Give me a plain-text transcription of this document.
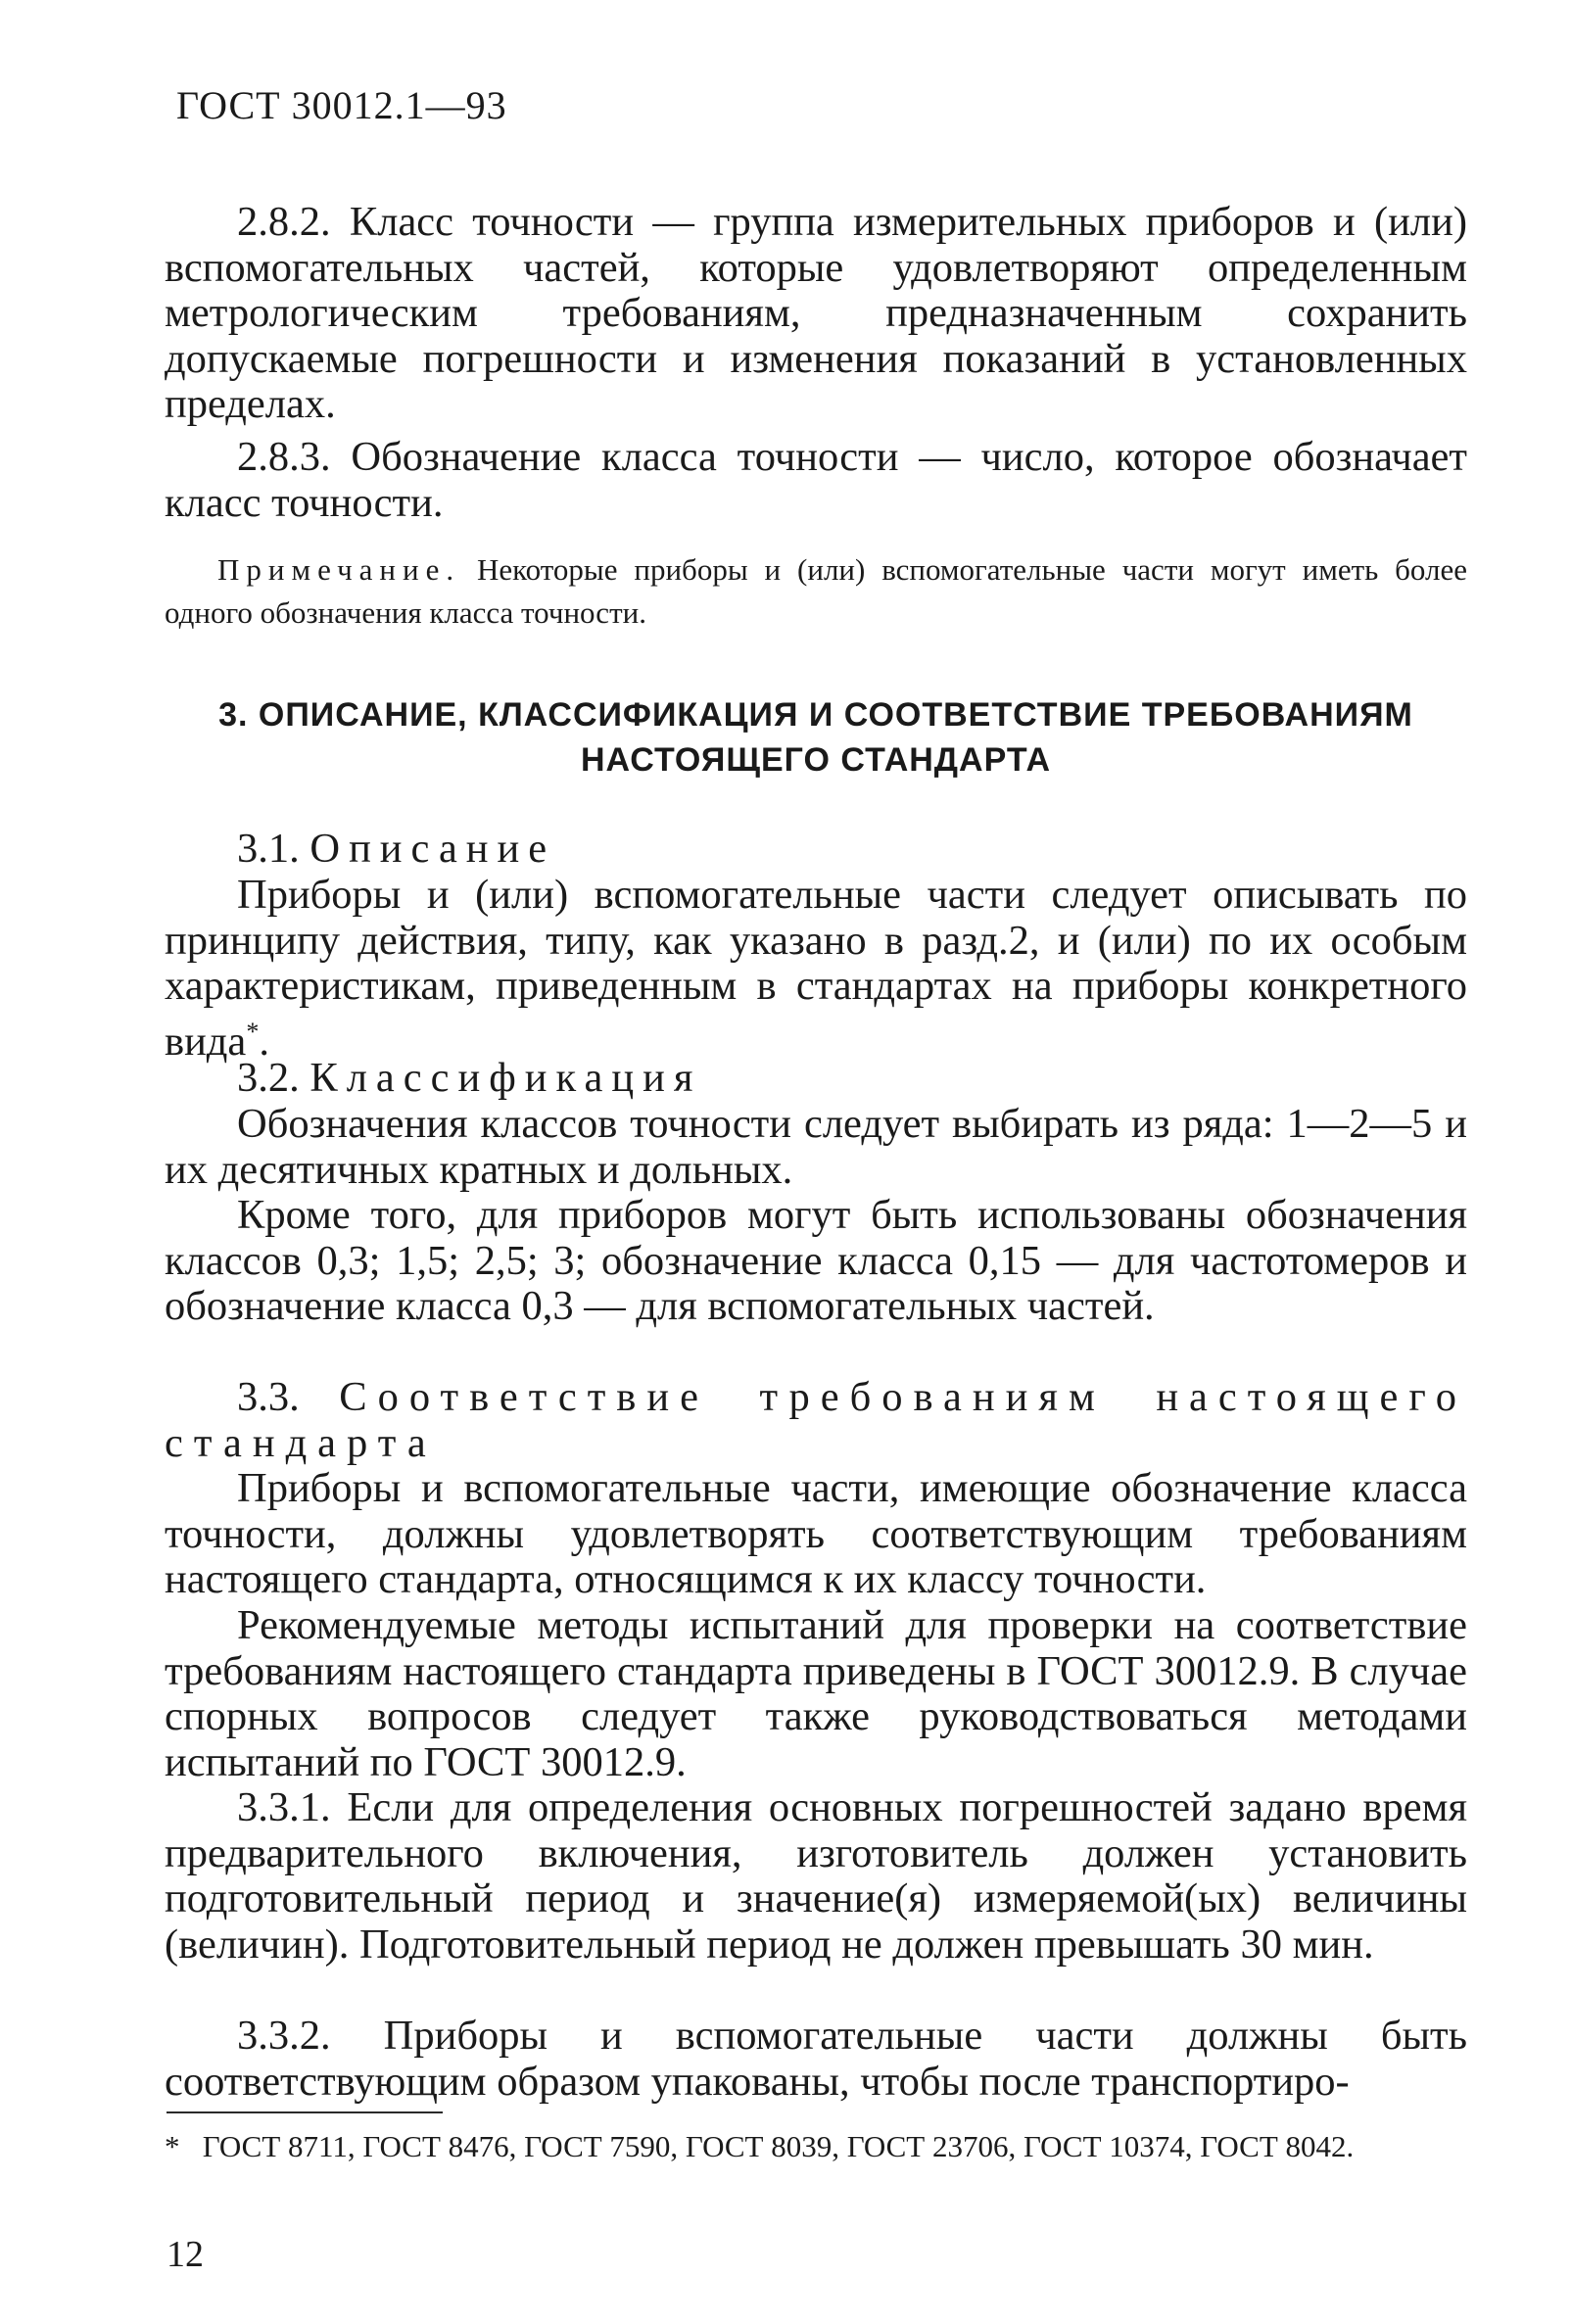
ГОСТ 30012.1—93
2.8.2. Класс точности — группа измерительных приборов и (или) вспомогательных частей, которые удовлетворяют определенным метрологическим требованиям, предназначенным сохранить допускаемые погрешности и изменения показаний в установленных пределах.
2.8.3. Обозначение класса точности — число, которое обозначает класс точности.
Примечание. Некоторые приборы и (или) вспомогательные части могут иметь более одного обозначения класса точности.
3. ОПИСАНИЕ, КЛАССИФИКАЦИЯ И СООТВЕТСТВИЕ ТРЕБОВАНИЯМ
НАСТОЯЩЕГО СТАНДАРТА
3.1. Описание
Приборы и (или) вспомогательные части следует описывать по принципу действия, типу, как указано в разд.2, и (или) по их особым характеристикам, приведенным в стандартах на приборы конкретного вида*.
3.2. Классификация
Обозначения классов точности следует выбирать из ряда: 1—2—5 и их десятичных кратных и дольных.
Кроме того, для приборов могут быть использованы обозначения классов 0,3; 1,5; 2,5; 3; обозначение класса 0,15 — для частотомеров и обозначение класса 0,3 — для вспомогательных частей.
3.3. Соответствие требованиям настоящего стандарта
Приборы и вспомогательные части, имеющие обозначение класса точности, должны удовлетворять соответствующим требованиям настоящего стандарта, относящимся к их классу точности.
Рекомендуемые методы испытаний для проверки на соответствие требованиям настоящего стандарта приведены в ГОСТ 30012.9. В случае спорных вопросов следует также руководствоваться методами испытаний по ГОСТ 30012.9.
3.3.1. Если для определения основных погрешностей задано время предварительного включения, изготовитель должен установить подготовительный период и значение(я) измеряемой(ых) величины (величин). Подготовительный период не должен превышать 30 мин.
3.3.2. Приборы и вспомогательные части должны быть соответствующим образом упакованы, чтобы после транспортиро-
* ГОСТ 8711, ГОСТ 8476, ГОСТ 7590, ГОСТ 8039, ГОСТ 23706, ГОСТ 10374, ГОСТ 8042.
12
